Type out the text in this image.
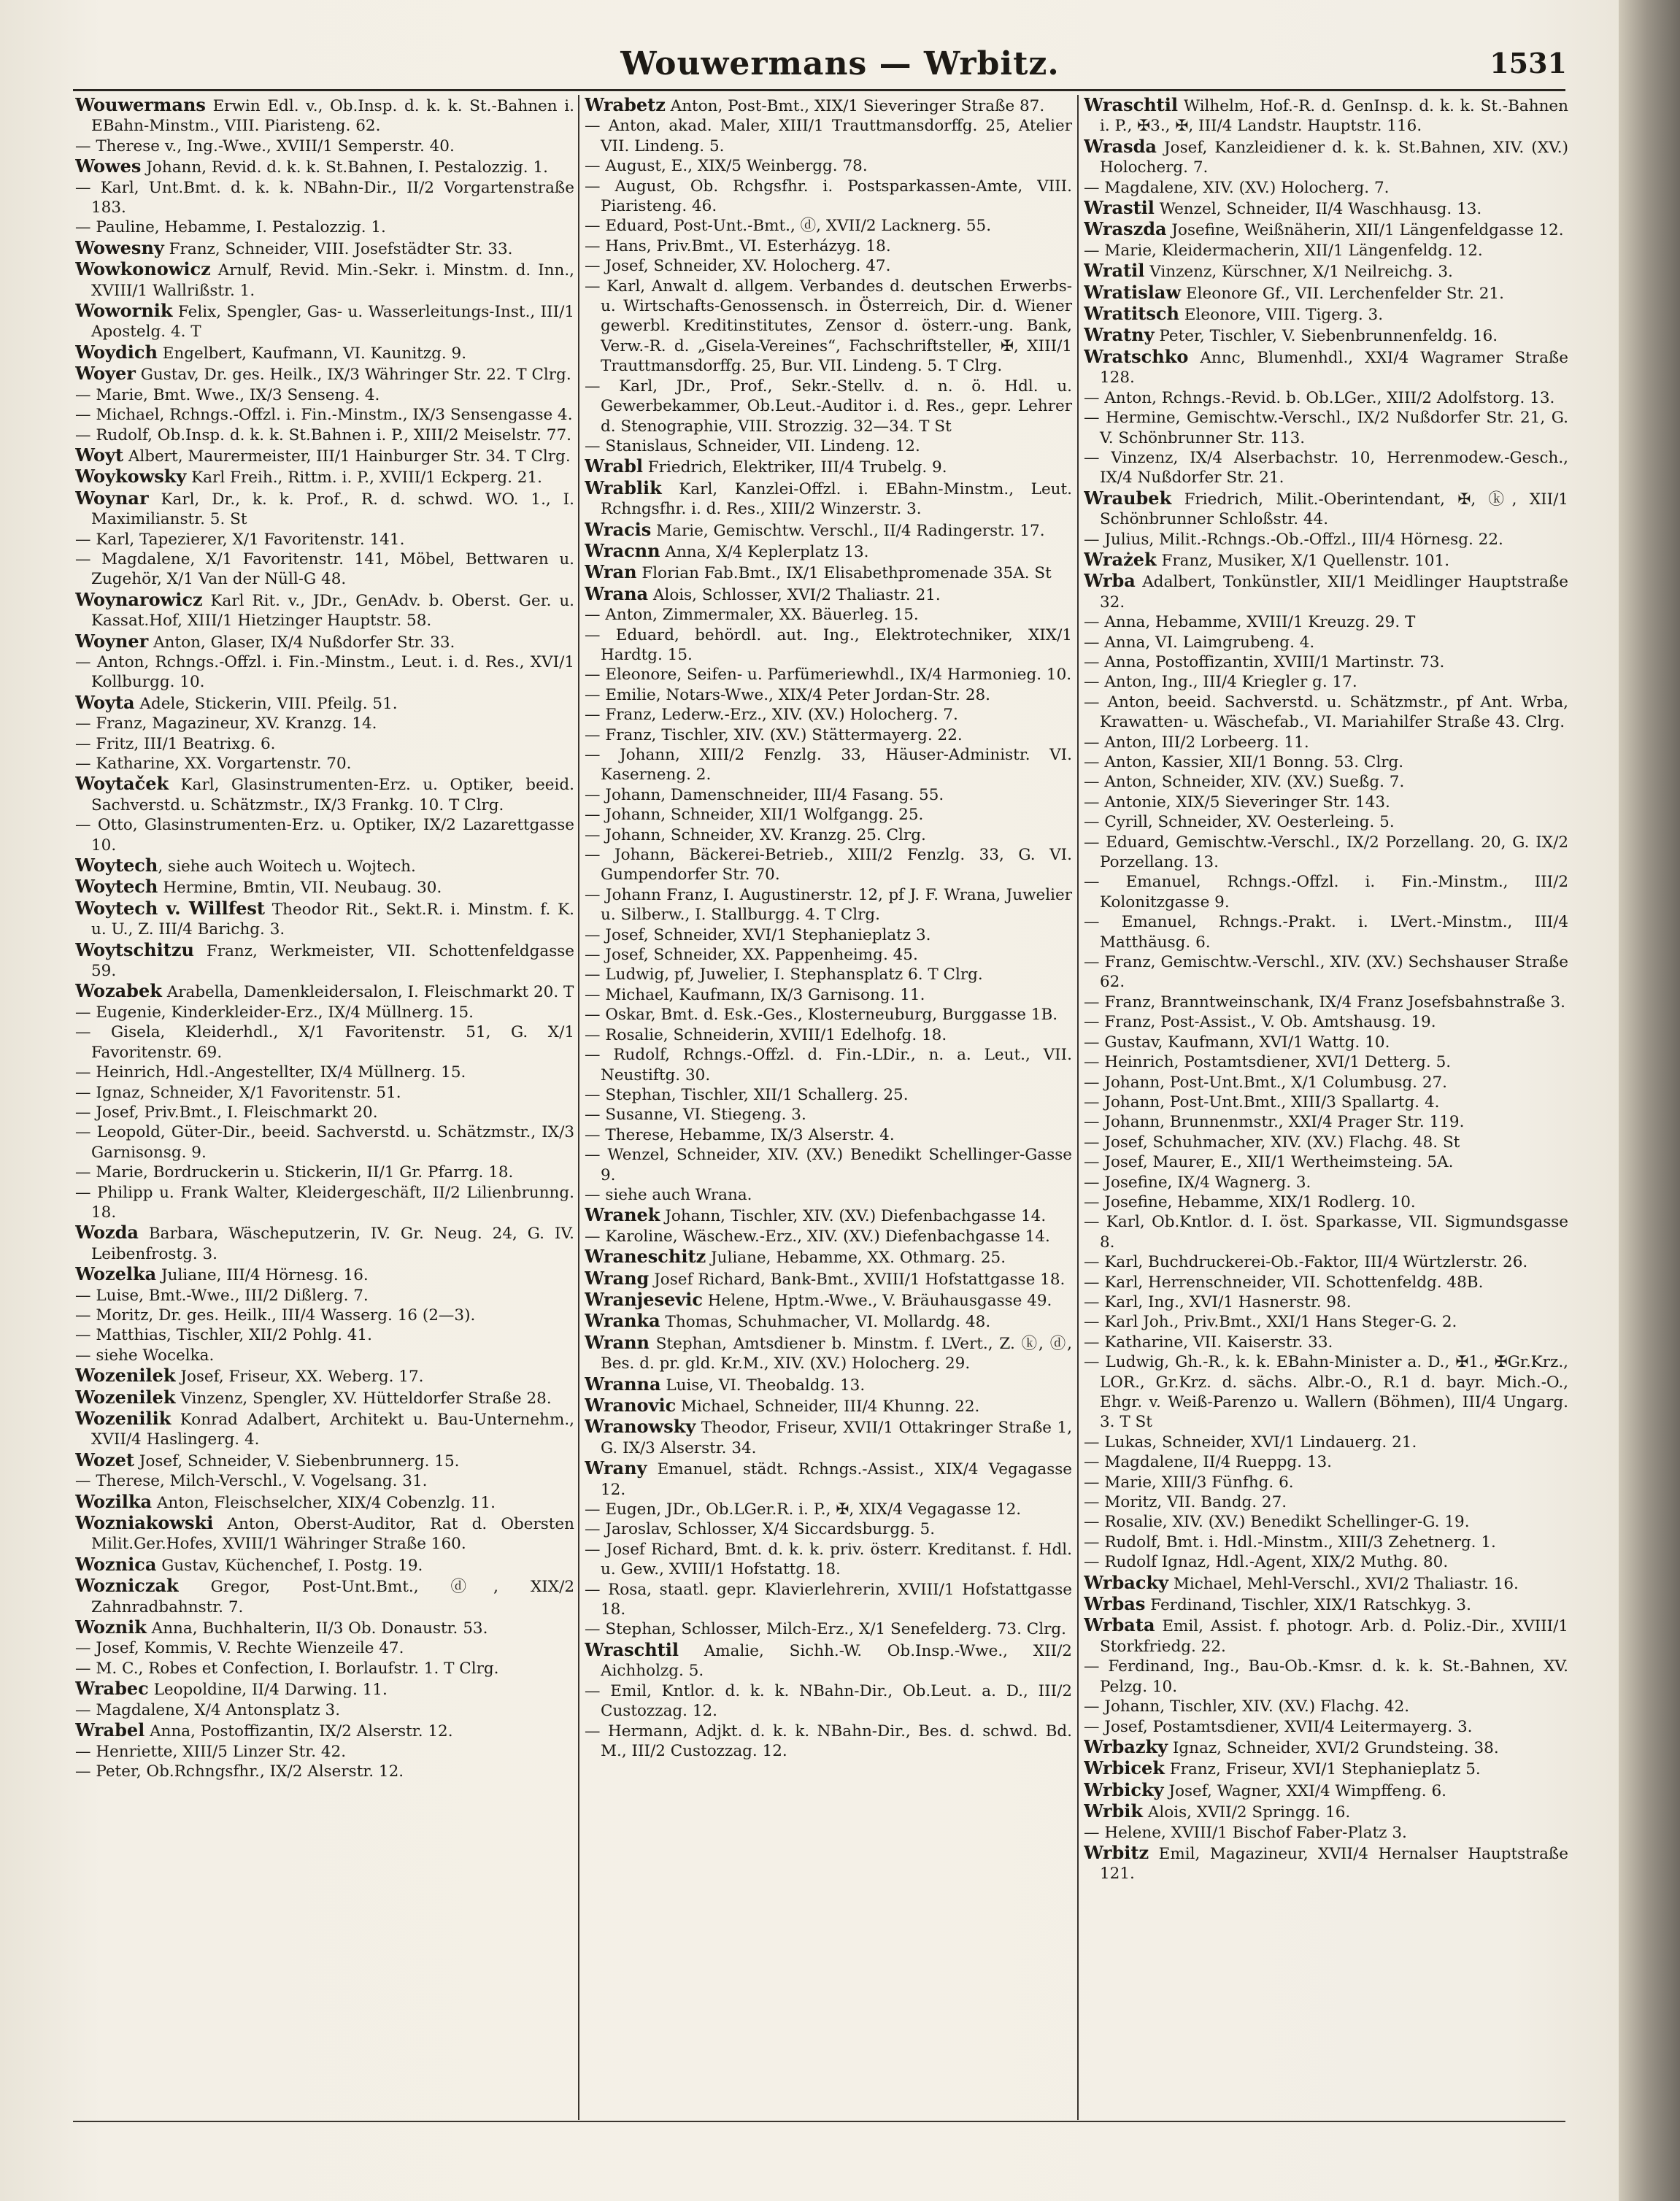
Wouwermans — Wrbitz.	1531

Wouwermans Erwin Edl. v., Ob.Insp. d. k. k. St.-Bahnen i. EBahn-Minstm., VIII. Piaristeng. 62.

— Therese v., Ing.-Wwe., XVIII/1 Semperstr. 40.

Wowes Johann, Revid. d. k. k. St.Bahnen, I. Pestalozzig. 1.

— Karl, Unt.Bmt. d. k. k. NBahn-Dir., II/2 Vorgartenstraße 183.

— Pauline, Hebamme, I. Pestalozzig. 1.

Wowesny Franz, Schneider, VIII. Josefstädter Str. 33.

Wowkonowicz Arnulf, Revid. Min.-Sekr. i. Minstm. d. Inn., XVIII/1 Wallrißstr. 1.

Wowornik Felix, Spengler, Gas- u. Wasserleitungs-Inst., III/1 Apostelg. 4. T

Woydich Engelbert, Kaufmann, VI. Kaunitzg. 9.

Woyer Gustav, Dr. ges. Heilk., IX/3 Währinger Str. 22. T Clrg.

— Marie, Bmt. Wwe., IX/3 Senseng. 4.

— Michael, Rchngs.-Offzl. i. Fin.-Minstm., IX/3 Sensengasse 4.

— Rudolf, Ob.Insp. d. k. k. St.Bahnen i. P., XIII/2 Meiselstr. 77.

Woyt Albert, Maurermeister, III/1 Hainburger Str. 34. T Clrg.

Woykowsky Karl Freih., Rittm. i. P., XVIII/1 Eckperg. 21.

Woynar Karl, Dr., k. k. Prof., R. d. schwd. WO. 1., I. Maximilianstr. 5. St

— Karl, Tapezierer, X/1 Favoritenstr. 141.

— Magdalene, X/1 Favoritenstr. 141, Möbel, Bettwaren u. Zugehör, X/1 Van der Nüll-G 48.

Woynarowicz Karl Rit. v., JDr., GenAdv. b. Oberst. Ger. u. Kassat.Hof, XIII/1 Hietzinger Hauptstr. 58.

Woyner Anton, Glaser, IX/4 Nußdorfer Str. 33.

— Anton, Rchngs.-Offzl. i. Fin.-Minstm., Leut. i. d. Res., XVI/1 Kollburgg. 10.

Woyta Adele, Stickerin, VIII. Pfeilg. 51.

— Franz, Magazineur, XV. Kranzg. 14.

— Fritz, III/1 Beatrixg. 6.

— Katharine, XX. Vorgartenstr. 70.

Woytaček Karl, Glasinstrumenten-Erz. u. Optiker, beeid. Sachverstd. u. Schätzmstr., IX/3 Frankg. 10. T Clrg.

— Otto, Glasinstrumenten-Erz. u. Optiker, IX/2 Lazarettgasse 10.

Woytech, siehe auch Woitech u. Wojtech.

Woytech Hermine, Bmtin, VII. Neubaug. 30.

Woytech v. Willfest Theodor Rit., Sekt.R. i. Minstm. f. K. u. U., Z. III/4 Barichg. 3.

Woytschitzu Franz, Werkmeister, VII. Schottenfeldgasse 59.

Wozabek Arabella, Damenkleidersalon, I. Fleischmarkt 20. T

— Eugenie, Kinderkleider-Erz., IX/4 Müllnerg. 15.

— Gisela, Kleiderhdl., X/1 Favoritenstr. 51, G. X/1 Favoritenstr. 69.

— Heinrich, Hdl.-Angestellter, IX/4 Müllnerg. 15.

— Ignaz, Schneider, X/1 Favoritenstr. 51.

— Josef, Priv.Bmt., I. Fleischmarkt 20.

— Leopold, Güter-Dir., beeid. Sachverstd. u. Schätzmstr., IX/3 Garnisonsg. 9.

— Marie, Bordruckerin u. Stickerin, II/1 Gr. Pfarrg. 18.

— Philipp u. Frank Walter, Kleidergeschäft, II/2 Lilienbrunng. 18.

Wozda Barbara, Wäscheputzerin, IV. Gr. Neug. 24, G. IV. Leibenfrostg. 3.

Wozelka Juliane, III/4 Hörnesg. 16.

— Luise, Bmt.-Wwe., III/2 Dißlerg. 7.

— Moritz, Dr. ges. Heilk., III/4 Wasserg. 16 (2—3).

— Matthias, Tischler, XII/2 Pohlg. 41.

— siehe Wocelka.

Wozenilek Josef, Friseur, XX. Weberg. 17.

Wozenilek Vinzenz, Spengler, XV. Hütteldorfer Straße 28.

Wozenilik Konrad Adalbert, Architekt u. Bau-Unternehm., XVII/4 Haslingerg. 4.

Wozet Josef, Schneider, V. Siebenbrunnerg. 15.

— Therese, Milch-Verschl., V. Vogelsang. 31.

Wozilka Anton, Fleischselcher, XIX/4 Cobenzlg. 11.

Wozniakowski Anton, Oberst-Auditor, Rat d. Obersten Milit.Ger.Hofes, XVIII/1 Währinger Straße 160.

Woznica Gustav, Küchenchef, I. Postg. 19.

Wozniczak Gregor, Post-Unt.Bmt., ⓓ, XIX/2 Zahnradbahnstr. 7.

Woznik Anna, Buchhalterin, II/3 Ob. Donaustr. 53.

— Josef, Kommis, V. Rechte Wienzeile 47.

— M. C., Robes et Confection, I. Borlaufstr. 1. T Clrg.

Wrabec Leopoldine, II/4 Darwing. 11.

— Magdalene, X/4 Antonsplatz 3.

Wrabel Anna, Postoffizantin, IX/2 Alserstr. 12.

— Henriette, XIII/5 Linzer Str. 42.

— Peter, Ob.Rchngsfhr., IX/2 Alserstr. 12.

Wrabetz Anton, Post-Bmt., XIX/1 Sieveringer Straße 87.

— Anton, akad. Maler, XIII/1 Trauttmansdorffg. 25, Atelier VII. Lindeng. 5.

— August, E., XIX/5 Weinbergg. 78.

— August, Ob. Rchgsfhr. i. Postsparkassen-Amte, VIII. Piaristeng. 46.

— Eduard, Post-Unt.-Bmt., ⓓ, XVII/2 Lacknerg. 55.

— Hans, Priv.Bmt., VI. Esterházyg. 18.

— Josef, Schneider, XV. Holocherg. 47.

— Karl, Anwalt d. allgem. Verbandes d. deutschen Erwerbs- u. Wirtschafts-Genossensch. in Österreich, Dir. d. Wiener gewerbl. Kreditinstitutes, Zensor d. österr.-ung. Bank, Verw.-R. d. „Gisela-Vereines“, Fachschriftsteller, ✠, XIII/1 Trauttmansdorffg. 25, Bur. VII. Lindeng. 5. T Clrg.

— Karl, JDr., Prof., Sekr.-Stellv. d. n. ö. Hdl. u. Gewerbekammer, Ob.Leut.-Auditor i. d. Res., gepr. Lehrer d. Stenographie, VIII. Strozzig. 32—34. T St

— Stanislaus, Schneider, VII. Lindeng. 12.

Wrabl Friedrich, Elektriker, III/4 Trubelg. 9.

Wrablik Karl, Kanzlei-Offzl. i. EBahn-Minstm., Leut. Rchngsfhr. i. d. Res., XIII/2 Winzerstr. 3.

Wracis Marie, Gemischtw. Verschl., II/4 Radingerstr. 17.

Wracnn Anna, X/4 Keplerplatz 13.

Wran Florian Fab.Bmt., IX/1 Elisabethpromenade 35A. St

Wrana Alois, Schlosser, XVI/2 Thaliastr. 21.

— Anton, Zimmermaler, XX. Bäuerleg. 15.

— Eduard, behördl. aut. Ing., Elektrotechniker, XIX/1 Hardtg. 15.

— Eleonore, Seifen- u. Parfümeriewhdl., IX/4 Harmonieg. 10.

— Emilie, Notars-Wwe., XIX/4 Peter Jordan-Str. 28.

— Franz, Lederw.-Erz., XIV. (XV.) Holocherg. 7.

— Franz, Tischler, XIV. (XV.) Stättermayerg. 22.

— Johann, XIII/2 Fenzlg. 33, Häuser-Administr. VI. Kaserneng. 2.

— Johann, Damenschneider, III/4 Fasang. 55.

— Johann, Schneider, XII/1 Wolfgangg. 25.

— Johann, Schneider, XV. Kranzg. 25. Clrg.

— Johann, Bäckerei-Betrieb., XIII/2 Fenzlg. 33, G. VI. Gumpendorfer Str. 70.

— Johann Franz, I. Augustinerstr. 12, pf J. F. Wrana, Juwelier u. Silberw., I. Stallburgg. 4. T Clrg.

— Josef, Schneider, XVI/1 Stephanieplatz 3.

— Josef, Schneider, XX. Pappenheimg. 45.

— Ludwig, pf, Juwelier, I. Stephansplatz 6. T Clrg.

— Michael, Kaufmann, IX/3 Garnisong. 11.

— Oskar, Bmt. d. Esk.-Ges., Klosterneuburg, Burggasse 1B.

— Rosalie, Schneiderin, XVIII/1 Edelhofg. 18.

— Rudolf, Rchngs.-Offzl. d. Fin.-LDir., n. a. Leut., VII. Neustiftg. 30.

— Stephan, Tischler, XII/1 Schallerg. 25.

— Susanne, VI. Stiegeng. 3.

— Therese, Hebamme, IX/3 Alserstr. 4.

— Wenzel, Schneider, XIV. (XV.) Benedikt Schellinger-Gasse 9.

— siehe auch Wrana.

Wranek Johann, Tischler, XIV. (XV.) Diefenbachgasse 14.

— Karoline, Wäschew.-Erz., XIV. (XV.) Diefenbachgasse 14.

Wraneschitz Juliane, Hebamme, XX. Othmarg. 25.

Wrang Josef Richard, Bank-Bmt., XVIII/1 Hofstattgasse 18.

Wranjesevic Helene, Hptm.-Wwe., V. Bräuhausgasse 49.

Wranka Thomas, Schuhmacher, VI. Mollardg. 48.

Wrann Stephan, Amtsdiener b. Minstm. f. LVert., Z. ⓚ, ⓓ, Bes. d. pr. gld. Kr.M., XIV. (XV.) Holocherg. 29.

Wranna Luise, VI. Theobaldg. 13.

Wranovic Michael, Schneider, III/4 Khunng. 22.

Wranowsky Theodor, Friseur, XVII/1 Ottakringer Straße 1, G. IX/3 Alserstr. 34.

Wrany Emanuel, städt. Rchngs.-Assist., XIX/4 Vegagasse 12.

— Eugen, JDr., Ob.LGer.R. i. P., ✠, XIX/4 Vegagasse 12.

— Jaroslav, Schlosser, X/4 Siccardsburgg. 5.

— Josef Richard, Bmt. d. k. k. priv. österr. Kreditanst. f. Hdl. u. Gew., XVIII/1 Hofstattg. 18.

— Rosa, staatl. gepr. Klavierlehrerin, XVIII/1 Hofstattgasse 18.

— Stephan, Schlosser, Milch-Erz., X/1 Senefelderg. 73. Clrg.

Wraschtil Amalie, Sichh.-W. Ob.Insp.-Wwe., XII/2 Aichholzg. 5.

— Emil, Kntlor. d. k. k. NBahn-Dir., Ob.Leut. a. D., III/2 Custozzag. 12.

— Hermann, Adjkt. d. k. k. NBahn-Dir., Bes. d. schwd. Bd. M., III/2 Custozzag. 12.

Wraschtil Wilhelm, Hof.-R. d. GenInsp. d. k. k. St.-Bahnen i. P., ✠3., ✠, III/4 Landstr. Hauptstr. 116.

Wrasda Josef, Kanzleidiener d. k. k. St.Bahnen, XIV. (XV.) Holocherg. 7.

— Magdalene, XIV. (XV.) Holocherg. 7.

Wrastil Wenzel, Schneider, II/4 Waschhausg. 13.

Wraszda Josefine, Weißnäherin, XII/1 Längenfeldgasse 12.

— Marie, Kleidermacherin, XII/1 Längenfeldg. 12.

Wratil Vinzenz, Kürschner, X/1 Neilreichg. 3.

Wratislaw Eleonore Gf., VII. Lerchenfelder Str. 21.

Wratitsch Eleonore, VIII. Tigerg. 3.

Wratny Peter, Tischler, V. Siebenbrunnenfeldg. 16.

Wratschko Annc, Blumenhdl., XXI/4 Wagramer Straße 128.

— Anton, Rchngs.-Revid. b. Ob.LGer., XIII/2 Adolfstorg. 13.

— Hermine, Gemischtw.-Verschl., IX/2 Nußdorfer Str. 21, G. V. Schönbrunner Str. 113.

— Vinzenz, IX/4 Alserbachstr. 10, Herrenmodew.-Gesch., IX/4 Nußdorfer Str. 21.

Wraubek Friedrich, Milit.-Oberintendant, ✠, ⓚ, XII/1 Schönbrunner Schloßstr. 44.

— Julius, Milit.-Rchngs.-Ob.-Offzl., III/4 Hörnesg. 22.

Wrażek Franz, Musiker, X/1 Quellenstr. 101.

Wrba Adalbert, Tonkünstler, XII/1 Meidlinger Hauptstraße 32.

— Anna, Hebamme, XVIII/1 Kreuzg. 29. T

— Anna, VI. Laimgrubeng. 4.

— Anna, Postoffizantin, XVIII/1 Martinstr. 73.

— Anton, Ing., III/4 Kriegler g. 17.

— Anton, beeid. Sachverstd. u. Schätzmstr., pf Ant. Wrba, Krawatten- u. Wäschefab., VI. Mariahilfer Straße 43. Clrg.

— Anton, III/2 Lorbeerg. 11.

— Anton, Kassier, XII/1 Bonng. 53. Clrg.

— Anton, Schneider, XIV. (XV.) Sueßg. 7.

— Antonie, XIX/5 Sieveringer Str. 143.

— Cyrill, Schneider, XV. Oesterleing. 5.

— Eduard, Gemischtw.-Verschl., IX/2 Porzellang. 20, G. IX/2 Porzellang. 13.

— Emanuel, Rchngs.-Offzl. i. Fin.-Minstm., III/2 Kolonitzgasse 9.

— Emanuel, Rchngs.-Prakt. i. LVert.-Minstm., III/4 Matthäusg. 6.

— Franz, Gemischtw.-Verschl., XIV. (XV.) Sechshauser Straße 62.

— Franz, Branntweinschank, IX/4 Franz Josefsbahnstraße 3.

— Franz, Post-Assist., V. Ob. Amtshausg. 19.

— Gustav, Kaufmann, XVI/1 Wattg. 10.

— Heinrich, Postamtsdiener, XVI/1 Detterg. 5.

— Johann, Post-Unt.Bmt., X/1 Columbusg. 27.

— Johann, Post-Unt.Bmt., XIII/3 Spallartg. 4.

— Johann, Brunnenmstr., XXI/4 Prager Str. 119.

— Josef, Schuhmacher, XIV. (XV.) Flachg. 48. St

— Josef, Maurer, E., XII/1 Wertheimsteing. 5A.

— Josefine, IX/4 Wagnerg. 3.

— Josefine, Hebamme, XIX/1 Rodlerg. 10.

— Karl, Ob.Kntlor. d. I. öst. Sparkasse, VII. Sigmundsgasse 8.

— Karl, Buchdruckerei-Ob.-Faktor, III/4 Würtzlerstr. 26.

— Karl, Herrenschneider, VII. Schottenfeldg. 48B.

— Karl, Ing., XVI/1 Hasnerstr. 98.

— Karl Joh., Priv.Bmt., XXI/1 Hans Steger-G. 2.

— Katharine, VII. Kaiserstr. 33.

— Ludwig, Gh.-R., k. k. EBahn-Minister a. D., ✠1., ✠Gr.Krz., LOR., Gr.Krz. d. sächs. Albr.-O., R.1 d. bayr. Mich.-O., Ehgr. v. Weiß-Parenzo u. Wallern (Böhmen), III/4 Ungarg. 3. T St

— Lukas, Schneider, XVI/1 Lindauerg. 21.

— Magdalene, II/4 Rueppg. 13.

— Marie, XIII/3 Fünfhg. 6.

— Moritz, VII. Bandg. 27.

— Rosalie, XIV. (XV.) Benedikt Schellinger-G. 19.

— Rudolf, Bmt. i. Hdl.-Minstm., XIII/3 Zehetnerg. 1.

— Rudolf Ignaz, Hdl.-Agent, XIX/2 Muthg. 80.

Wrbacky Michael, Mehl-Verschl., XVI/2 Thaliastr. 16.

Wrbas Ferdinand, Tischler, XIX/1 Ratschkyg. 3.

Wrbata Emil, Assist. f. photogr. Arb. d. Poliz.-Dir., XVIII/1 Storkfriedg. 22.

— Ferdinand, Ing., Bau-Ob.-Kmsr. d. k. k. St.-Bahnen, XV. Pelzg. 10.

— Johann, Tischler, XIV. (XV.) Flachg. 42.

— Josef, Postamtsdiener, XVII/4 Leitermayerg. 3.

Wrbazky Ignaz, Schneider, XVI/2 Grundsteing. 38.

Wrbicek Franz, Friseur, XVI/1 Stephanieplatz 5.

Wrbicky Josef, Wagner, XXI/4 Wimpffeng. 6.

Wrbik Alois, XVII/2 Springg. 16.

— Helene, XVIII/1 Bischof Faber-Platz 3.

Wrbitz Emil, Magazineur, XVII/4 Hernalser Hauptstraße 121.
